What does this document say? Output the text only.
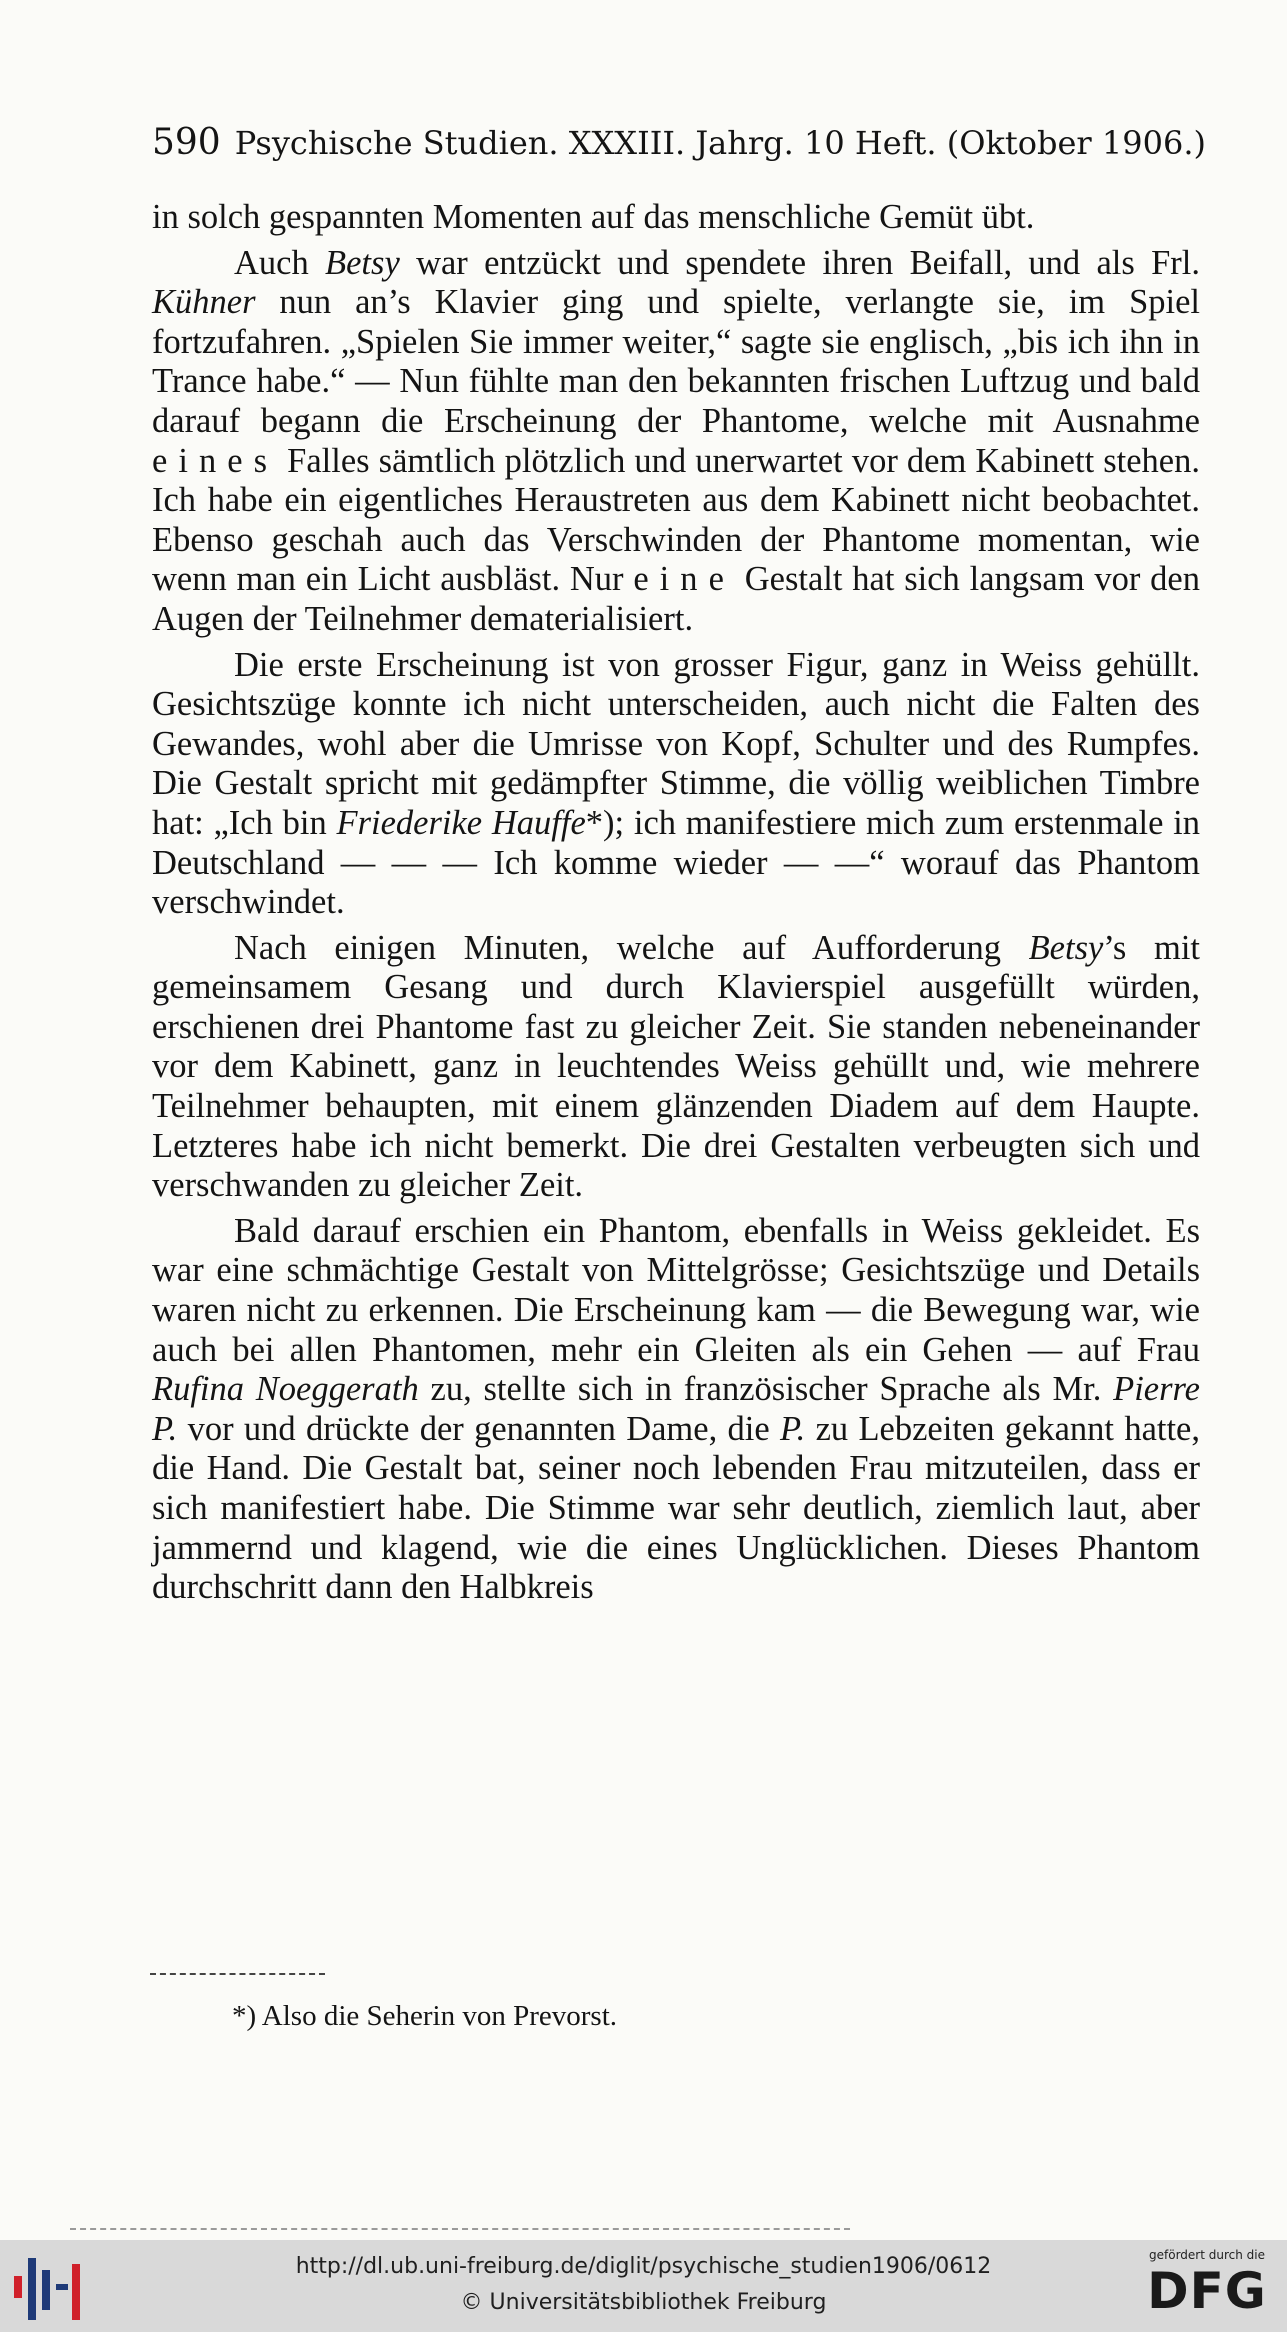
590 Psychische Studien. XXXIII. Jahrg. 10 Heft. (Oktober 1906.)

in solch gespannten Momenten auf das menschliche Gemüt übt.

Auch Betsy war entzückt und spendete ihren Beifall, und als Frl. Kühner nun an’s Klavier ging und spielte, verlangte sie, im Spiel fortzufahren. „Spielen Sie immer weiter,“ sagte sie englisch, „bis ich ihn in Trance habe.“ — Nun fühlte man den bekannten frischen Luftzug und bald darauf begann die Erscheinung der Phantome, welche mit Ausnahme eines Falles sämtlich plötzlich und unerwartet vor dem Kabinett stehen. Ich habe ein eigentliches Heraustreten aus dem Kabinett nicht beobachtet. Ebenso geschah auch das Verschwinden der Phantome momentan, wie wenn man ein Licht ausbläst. Nur eine Gestalt hat sich langsam vor den Augen der Teilnehmer dematerialisiert.

Die erste Erscheinung ist von grosser Figur, ganz in Weiss gehüllt. Gesichtszüge konnte ich nicht unterscheiden, auch nicht die Falten des Gewandes, wohl aber die Umrisse von Kopf, Schulter und des Rumpfes. Die Gestalt spricht mit gedämpfter Stimme, die völlig weiblichen Timbre hat: „Ich bin Friederike Hauffe*); ich manifestiere mich zum erstenmale in Deutschland — — — Ich komme wieder — —“ worauf das Phantom verschwindet.

Nach einigen Minuten, welche auf Aufforderung Betsy’s mit gemeinsamem Gesang und durch Klavierspiel ausgefüllt würden, erschienen drei Phantome fast zu gleicher Zeit. Sie standen nebeneinander vor dem Kabinett, ganz in leuchtendes Weiss gehüllt und, wie mehrere Teilnehmer behaupten, mit einem glänzenden Diadem auf dem Haupte. Letzteres habe ich nicht bemerkt. Die drei Gestalten verbeugten sich und verschwanden zu gleicher Zeit.

Bald darauf erschien ein Phantom, ebenfalls in Weiss gekleidet. Es war eine schmächtige Gestalt von Mittelgrösse; Gesichtszüge und Details waren nicht zu erkennen. Die Erscheinung kam — die Bewegung war, wie auch bei allen Phantomen, mehr ein Gleiten als ein Gehen — auf Frau Rufina Noeggerath zu, stellte sich in französischer Sprache als Mr. Pierre P. vor und drückte der genannten Dame, die P. zu Lebzeiten gekannt hatte, die Hand. Die Gestalt bat, seiner noch lebenden Frau mitzuteilen, dass er sich manifestiert habe. Die Stimme war sehr deutlich, ziemlich laut, aber jammernd und klagend, wie die eines Unglücklichen. Dieses Phantom durchschritt dann den Halbkreis

*) Also die Seherin von Prevorst.
http://dl.ub.uni-freiburg.de/diglit/psychische_studien1906/0612
© Universitätsbibliothek Freiburg
gefördert durch die
DFG
